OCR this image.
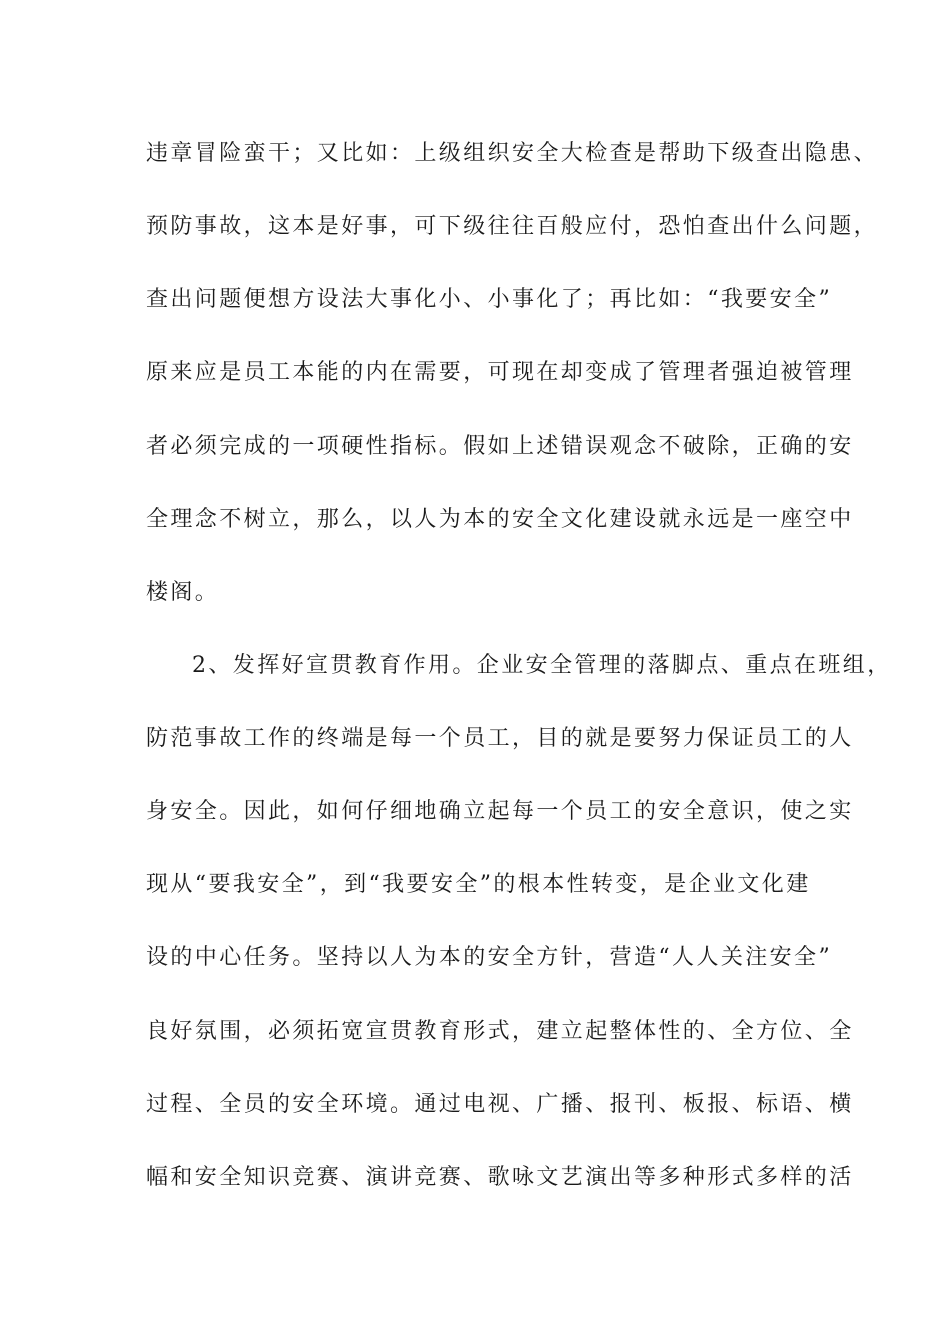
违章冒险蛮干；又比如：上级组织安全大检查是帮助下级查出隐患、
预防事故，这本是好事，可下级往往百般应付，恐怕查出什么问题，
查出问题便想方设法大事化小、小事化了；再比如：“我要安全”
原来应是员工本能的内在需要，可现在却变成了管理者强迫被管理
者必须完成的一项硬性指标。假如上述错误观念不破除，正确的安
全理念不树立，那么，以人为本的安全文化建设就永远是一座空中
楼阁。
2、发挥好宣贯教育作用。企业安全管理的落脚点、重点在班组，
防范事故工作的终端是每一个员工，目的就是要努力保证员工的人
身安全。因此，如何仔细地确立起每一个员工的安全意识，使之实
现从“要我安全”，到“我要安全”的根本性转变，是企业文化建
设的中心任务。坚持以人为本的安全方针，营造“人人关注安全”
良好氛围，必须拓宽宣贯教育形式，建立起整体性的、全方位、全
过程、全员的安全环境。通过电视、广播、报刊、板报、标语、横
幅和安全知识竞赛、演讲竞赛、歌咏文艺演出等多种形式多样的活
